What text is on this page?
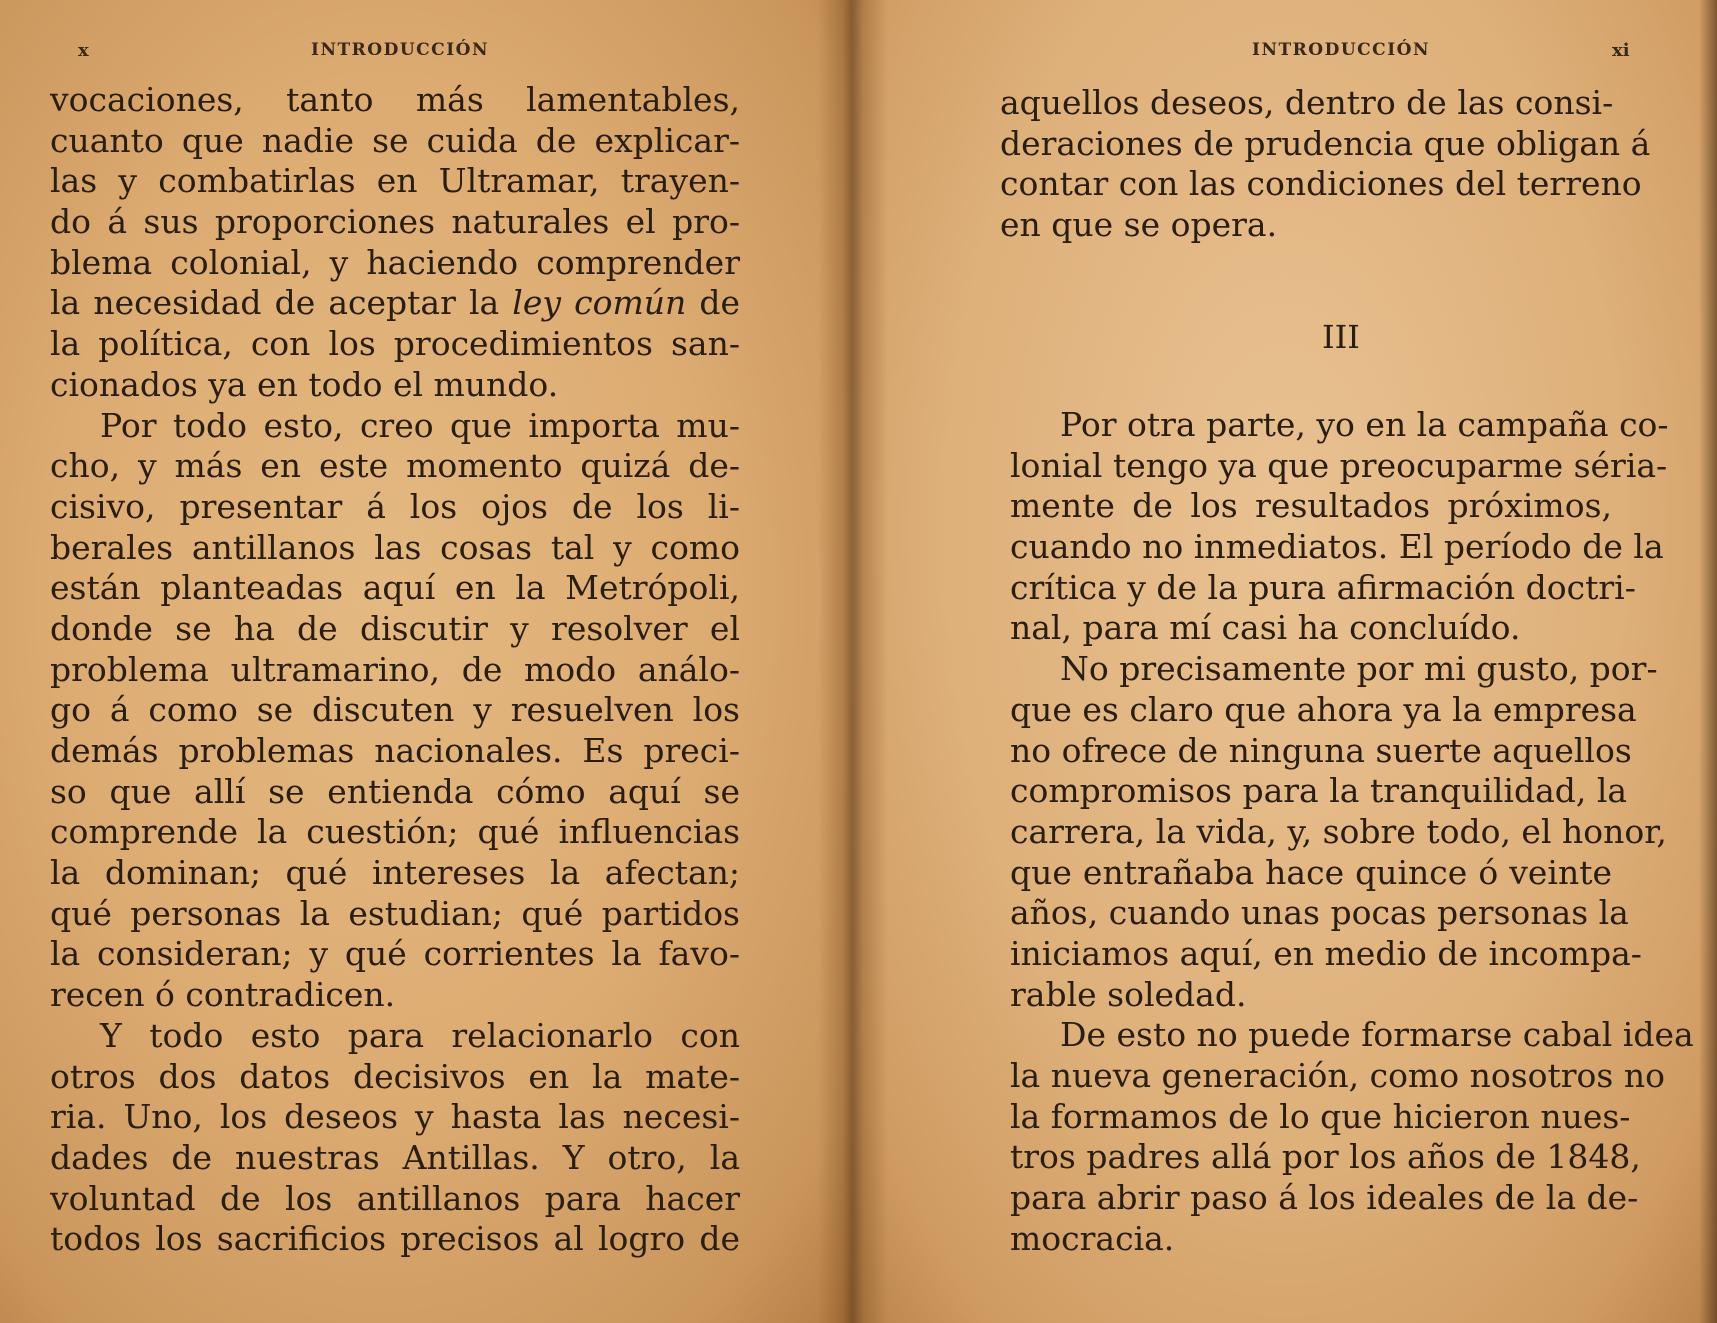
x	INTRODUCCIÓN
vocaciones, tanto más lamentables,
cuanto que nadie se cuida de explicar-
las y combatirlas en Ultramar, trayen-
do á sus proporciones naturales el pro-
blema colonial, y haciendo comprender
la necesidad de aceptar la ley común de
la política, con los procedimientos san-
cionados ya en todo el mundo.
Por todo esto, creo que importa mu-
cho, y más en este momento quizá de-
cisivo, presentar á los ojos de los li-
berales antillanos las cosas tal y como
están planteadas aquí en la Metrópoli,
donde se ha de discutir y resolver el
problema ultramarino, de modo análo-
go á como se discuten y resuelven los
demás problemas nacionales. Es preci-
so que allí se entienda cómo aquí se
comprende la cuestión; qué influencias
la dominan; qué intereses la afectan;
qué personas la estudian; qué partidos
la consideran; y qué corrientes la favo-
recen ó contradicen.
Y todo esto para relacionarlo con
otros dos datos decisivos en la mate-
ria. Uno, los deseos y hasta las necesi-
dades de nuestras Antillas. Y otro, la
voluntad de los antillanos para hacer
todos los sacrificios precisos al logro de
INTRODUCCIÓN	xi
aquellos deseos, dentro de las consi-
deraciones de prudencia que obligan á
contar con las condiciones del terreno
en que se opera.
III
Por otra parte, yo en la campaña co-
lonial tengo ya que preocuparme séria-
mente de los resultados próximos,
cuando no inmediatos. El período de la
crítica y de la pura afirmación doctri-
nal, para mí casi ha concluído.
No precisamente por mi gusto, por-
que es claro que ahora ya la empresa
no ofrece de ninguna suerte aquellos
compromisos para la tranquilidad, la
carrera, la vida, y, sobre todo, el honor,
que entrañaba hace quince ó veinte
años, cuando unas pocas personas la
iniciamos aquí, en medio de incompa-
rable soledad.
De esto no puede formarse cabal idea
la nueva generación, como nosotros no
la formamos de lo que hicieron nues-
tros padres allá por los años de 1848,
para abrir paso á los ideales de la de-
mocracia.
